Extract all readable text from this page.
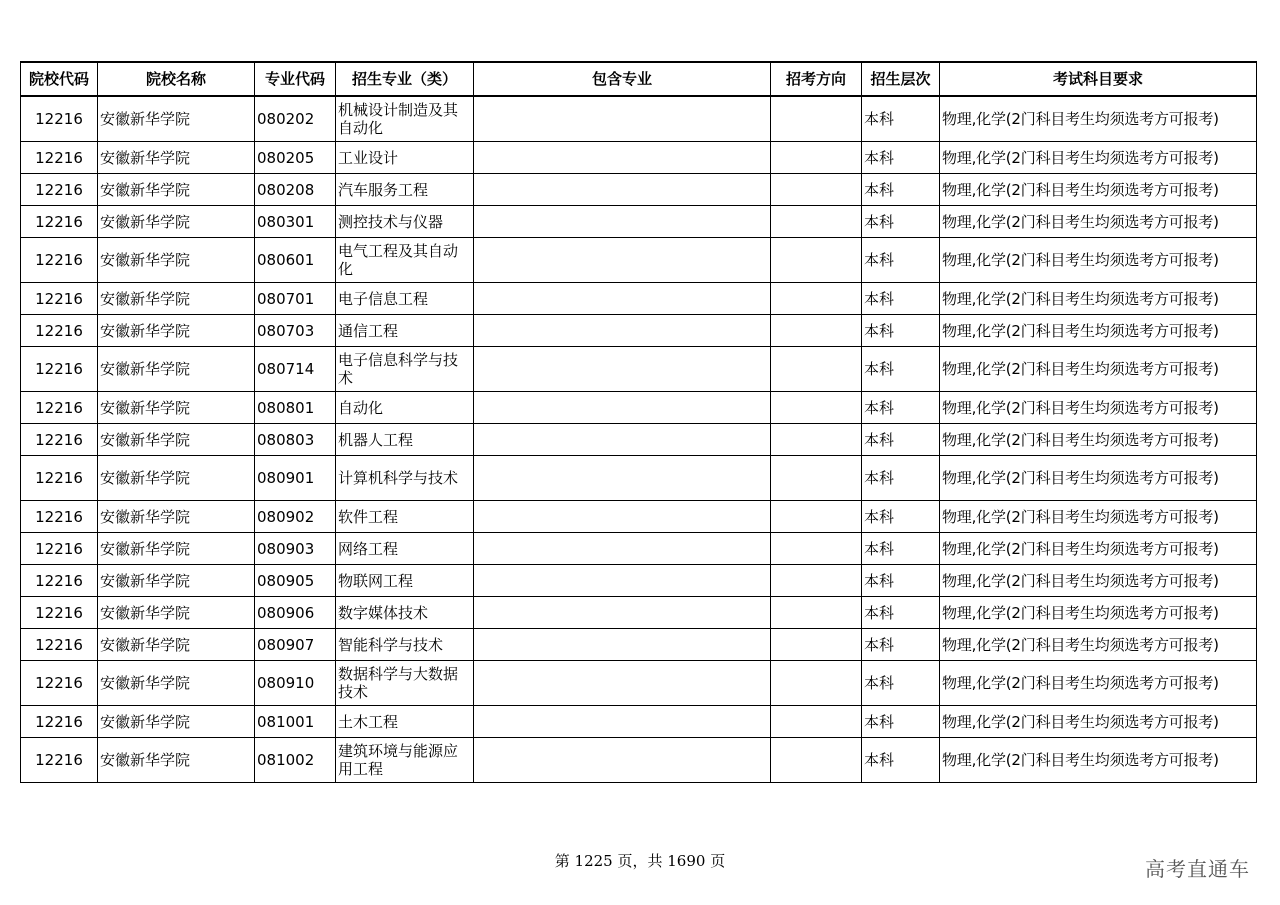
院校代码	院校名称	专业代码	招生专业（类）	包含专业	招考方向	招生层次	考试科目要求
12216	安徽新华学院	080202	机械设计制造及其自动化			本科	物理,化学(2门科目考生均须选考方可报考)
12216	安徽新华学院	080205	工业设计			本科	物理,化学(2门科目考生均须选考方可报考)
12216	安徽新华学院	080208	汽车服务工程			本科	物理,化学(2门科目考生均须选考方可报考)
12216	安徽新华学院	080301	测控技术与仪器			本科	物理,化学(2门科目考生均须选考方可报考)
12216	安徽新华学院	080601	电气工程及其自动化			本科	物理,化学(2门科目考生均须选考方可报考)
12216	安徽新华学院	080701	电子信息工程			本科	物理,化学(2门科目考生均须选考方可报考)
12216	安徽新华学院	080703	通信工程			本科	物理,化学(2门科目考生均须选考方可报考)
12216	安徽新华学院	080714	电子信息科学与技术			本科	物理,化学(2门科目考生均须选考方可报考)
12216	安徽新华学院	080801	自动化			本科	物理,化学(2门科目考生均须选考方可报考)
12216	安徽新华学院	080803	机器人工程			本科	物理,化学(2门科目考生均须选考方可报考)
12216	安徽新华学院	080901	计算机科学与技术			本科	物理,化学(2门科目考生均须选考方可报考)
12216	安徽新华学院	080902	软件工程			本科	物理,化学(2门科目考生均须选考方可报考)
12216	安徽新华学院	080903	网络工程			本科	物理,化学(2门科目考生均须选考方可报考)
12216	安徽新华学院	080905	物联网工程			本科	物理,化学(2门科目考生均须选考方可报考)
12216	安徽新华学院	080906	数字媒体技术			本科	物理,化学(2门科目考生均须选考方可报考)
12216	安徽新华学院	080907	智能科学与技术			本科	物理,化学(2门科目考生均须选考方可报考)
12216	安徽新华学院	080910	数据科学与大数据技术			本科	物理,化学(2门科目考生均须选考方可报考)
12216	安徽新华学院	081001	土木工程			本科	物理,化学(2门科目考生均须选考方可报考)
12216	安徽新华学院	081002	建筑环境与能源应用工程			本科	物理,化学(2门科目考生均须选考方可报考)
第 1225 页，共 1690 页	高考直通车
